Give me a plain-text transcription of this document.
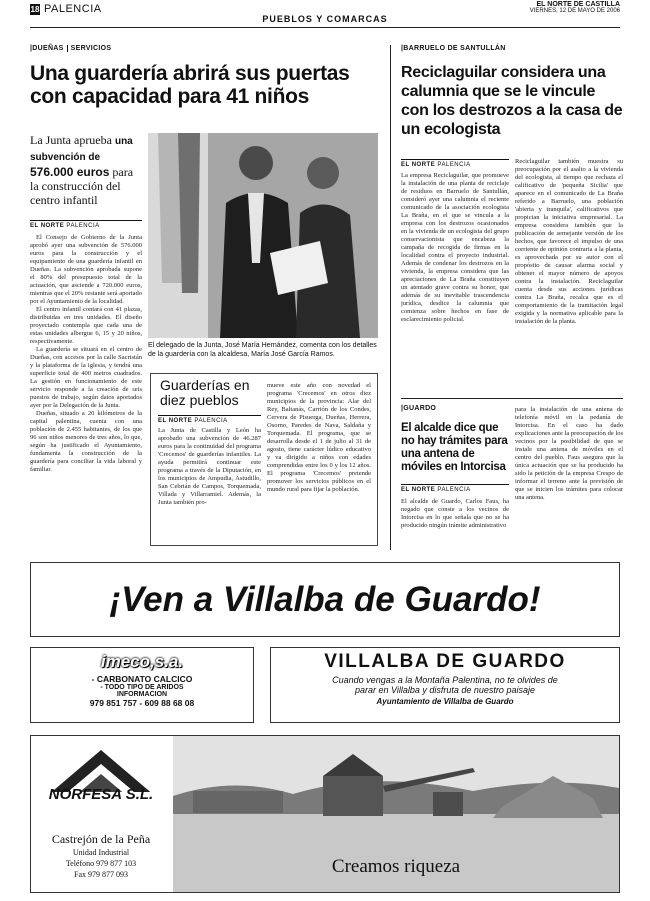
18 PALENCIA
PUEBLOS Y COMARCAS
EL NORTE DE CASTILLA
VIERNES, 12 DE MAYO DE 2006
|DUEÑAS SERVICIOS
Una guardería abrirá sus puertas con capacidad para 41 niños
La Junta aprueba una subvención de 576.000 euros para la construcción del centro infantil
EL NORTE PALENCIA

El Consejo de Gobierno de la Junta aprobó ayer una subvención de 576.000 euros para la construcción y el equipamiento de una guardería infantil en Dueñas. La subvención aprobada supone el 80% del presupuesto total de la actuación, que asciende a 720.000 euros, mientras que el 20% restante será aportado por el Ayuntamiento de la localidad.

El centro infantil contará con 41 plazas, distribuidas en tres unidades. El diseño proyectado contempla que cada una de estas unidades albergue 6, 15 y 20 niños, respectivamente.

La guardería se situará en el centro de Dueñas, con accesos por la calle Sacristán y la plataforma de la iglesia, y tendrá una superficie total de 400 metros cuadrados. La gestión en funcionamiento de este servicio responde a la creación de seis puestos de trabajo, según datos aportados ayer por la Delegación de la Junta.

Dueñas, situado a 20 kilómetros de la capital palentina, cuenta con una población de 2.455 habitantes, de los que 96 son niños menores de tres años, lo que, según ha justificado el Ayuntamiento, fundamenta la construcción de la guardería para conciliar la vida laboral y familiar.

El delegado de la Junta, José María Hernández, comenta con los detalles de la guardería con la alcaldesa, María José García Ramos.
Guarderías en
diez pueblos
EL NORTE PALENCIA
La Junta de Castilla y León ha aprobado una subvención de 46.287 euros para la continuidad del programa 'Crecemos' de guarderías infantiles. La ayuda permitirá continuar este programa a través de la Diputación, en los municipios de Ampudia, Astudillo, San Cebrián de Campos, Torquemada, Villada y Villarramiel. Además, la Junta también pro-
mueve este año con novedad el programa 'Crecemos' en otros diez municipios de la provincia: Alar del Rey, Baltanás, Carrión de los Condes, Cervera de Pisuerga, Dueñas, Herrera, Osorno, Paredes de Nava, Saldaña y Torquemada. El programa, que se desarrolla desde el 1 de julio al 31 de agosto, tiene carácter lúdico educativo y va dirigido a niños con edades comprendidas entre los 0 y los 12 años. El programa 'Crecemos' pretende promover los servicios públicos en el mundo rural para fijar la población.
|BARRUELO DE SANTULLÁN
Reciclaguilar considera una calumnia que se le vincule con los destrozos a la casa de un ecologista
EL NORTE PALENCIA
La empresa Reciclaguilar, que promueve la instalación de una planta de reciclaje de residuos en Barruelo de Santullán, consideró ayer una calumnia el reciente comunicado de la asociación ecologista La Braña, en el que se vincula a la empresa con los destrozos ocasionados en la vivienda de un ecologista del grupo conservacionista que encabeza la campaña de recogida de firmas en la localidad contra el proyecto industrial. Además de condenar los destrozos en la vivienda, la empresa considera que las apreciaciones de La Braña constituyen un atentado grave contra su honor, que además de su inevitable trascendencia jurídica, desdice la calumnia que comienza sobre hechos en fase de esclarecimiento policial.
Reciclaguilar también muestra su preocupación por el asalto a la vivienda del ecologista, al tiempo que rechaza el calificativo de 'pequeña Sicilia' que aparece en el comunicado de La Braña referido a Barruelo, una población 'abierta y tranquila', calificativos que propician la iniciativa empresarial. La empresa considera también que la publicación de semejante versión de los hechos, que favorece el impulso de una corriente de opinión contraria a la planta, es aprovechada por su autor con el propósito de causar alarma social y obtener el mayor número de apoyos contra la instalación. Reciclaguilar cuenta desde sus acciones jurídicas contra La Braña, recalca que es el comportamiento de la tramitación legal exigida y la normativa aplicable para la instalación de la planta.
|GUARDO
El alcalde dice que no hay trámites para una antena de móviles en Intorcisa
EL NORTE PALENCIA
El alcalde de Guardo, Carlos Faus, ha negado que conste a los vecinos de Intorcisa en lo que señala que no se ha producido ningún trámite administrativo
para la instalación de una antena de telefonía móvil en la pedanía de Intorcisa. En el caso ha dado explicaciones ante la preocupación de los vecinos por la posibilidad de que se instale una antena de móviles en el centro del pueblo. Faus asegura que la única actuación que se ha producido ha sido la petición de la empresa Crespo de informar el terreno ante la previsión de que se inicien los trámites para colocar una antena.
¡Ven a Villalba de Guardo!
imeco,s.a.
- CARBONATO CALCICO
- TODO TIPO DE ARIDOS
INFORMACION
979 851 757 - 609 88 68 08
VILLALBA DE GUARDO
Cuando vengas a la Montaña Palentina, no te olvides de
parar en Villalba y disfruta de nuestro paisaje
Ayuntamiento de Villalba de Guardo
NORFESA S.L.
Castrejón de la Peña
Unidad Industrial
Teléfono 979 877 103
Fax 979 877 093	Creamos riqueza
